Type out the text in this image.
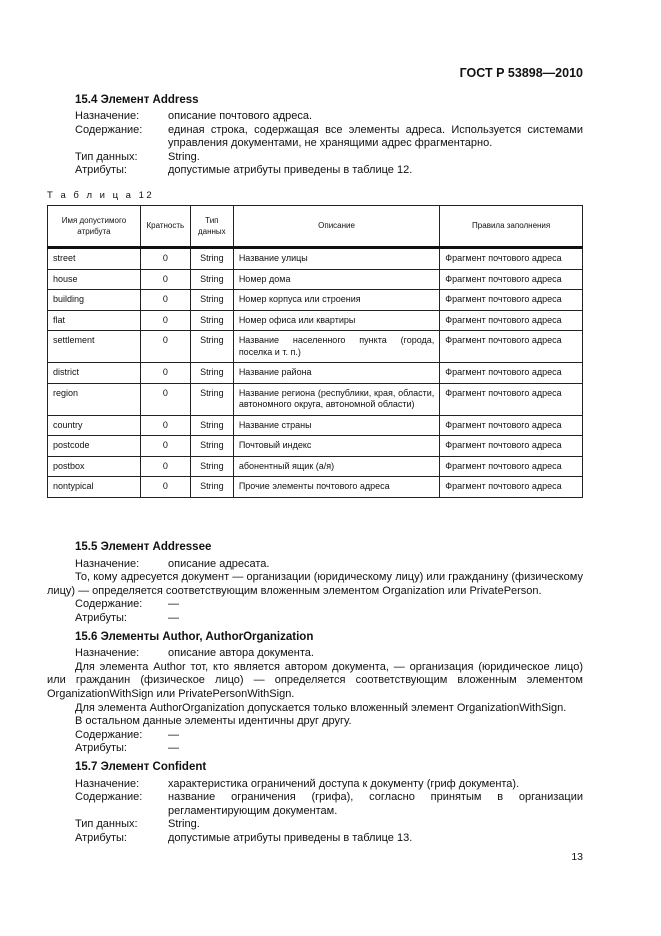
ГОСТ Р 53898—2010
15.4 Элемент Address
Назначение:	описание почтового адреса.
Содержание:	единая строка, содержащая все элементы адреса. Используется системами управления документами, не хранящими адрес фрагментарно.
Тип данных:	String.
Атрибуты:	допустимые атрибуты приведены в таблице 12.
Т а б л и ц а 12
Имя допустимого атрибута	Кратность	Тип данных	Описание	Правила заполнения
street	0	String	Название улицы	Фрагмент почтового адреса
house	0	String	Номер дома	Фрагмент почтового адреса
building	0	String	Номер корпуса или строения	Фрагмент почтового адреса
flat	0	String	Номер офиса или квартиры	Фрагмент почтового адреса
settlement	0	String	Название населенного пункта (города, поселка и т. п.)	Фрагмент почтового адреса
district	0	String	Название района	Фрагмент почтового адреса
region	0	String	Название региона (республики, края, области, автономного округа, автономной области)	Фрагмент почтового адреса
country	0	String	Название страны	Фрагмент почтового адреса
postcode	0	String	Почтовый индекс	Фрагмент почтового адреса
postbox	0	String	абонентный ящик (а/я)	Фрагмент почтового адреса
nontypical	0	String	Прочие элементы почтового адреса	Фрагмент почтового адреса
15.5 Элемент Addressee
Назначение:	описание адресата.
То, кому адресуется документ — организации (юридическому лицу) или гражданину (физическому лицу) — определяется соответствующим вложенным элементом Organization или PrivatePerson.
Содержание:	—
Атрибуты:	—
15.6 Элементы Author, AuthorOrganization
Назначение:	описание автора документа.
Для элемента Author тот, кто является автором документа, — организация (юридическое лицо) или гражданин (физическое лицо) — определяется соответствующим вложенным элементом OrganizationWithSign или PrivatePersonWithSign.
Для элемента AuthorOrganization допускается только вложенный элемент OrganizationWithSign.
В остальном данные элементы идентичны друг другу.
Содержание:	—
Атрибуты:	—
15.7 Элемент Confident
Назначение:	характеристика ограничений доступа к документу (гриф документа).
Содержание:	название ограничения (грифа), согласно принятым в организации регламентирующим документам.
Тип данных:	String.
Атрибуты:	допустимые атрибуты приведены в таблице 13.
13
